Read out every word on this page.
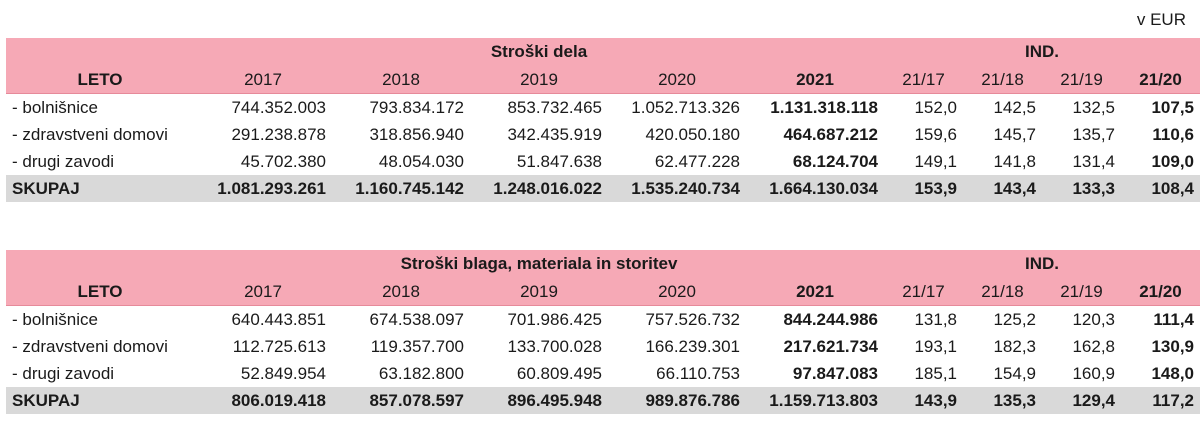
v EUR
	Stroški dela					IND.			
LETO	2017	2018	2019	2020	2021	21/17	21/18	21/19	21/20
- bolnišnice	744.352.003	793.834.172	853.732.465	1.052.713.326	1.131.318.118	152,0	142,5	132,5	107,5
- zdravstveni domovi	291.238.878	318.856.940	342.435.919	420.050.180	464.687.212	159,6	145,7	135,7	110,6
- drugi zavodi	45.702.380	48.054.030	51.847.638	62.477.228	68.124.704	149,1	141,8	131,4	109,0
SKUPAJ	1.081.293.261	1.160.745.142	1.248.016.022	1.535.240.734	1.664.130.034	153,9	143,4	133,3	108,4
	Stroški blaga, materiala in storitev					IND.			
LETO	2017	2018	2019	2020	2021	21/17	21/18	21/19	21/20
- bolnišnice	640.443.851	674.538.097	701.986.425	757.526.732	844.244.986	131,8	125,2	120,3	111,4
- zdravstveni domovi	112.725.613	119.357.700	133.700.028	166.239.301	217.621.734	193,1	182,3	162,8	130,9
- drugi zavodi	52.849.954	63.182.800	60.809.495	66.110.753	97.847.083	185,1	154,9	160,9	148,0
SKUPAJ	806.019.418	857.078.597	896.495.948	989.876.786	1.159.713.803	143,9	135,3	129,4	117,2
